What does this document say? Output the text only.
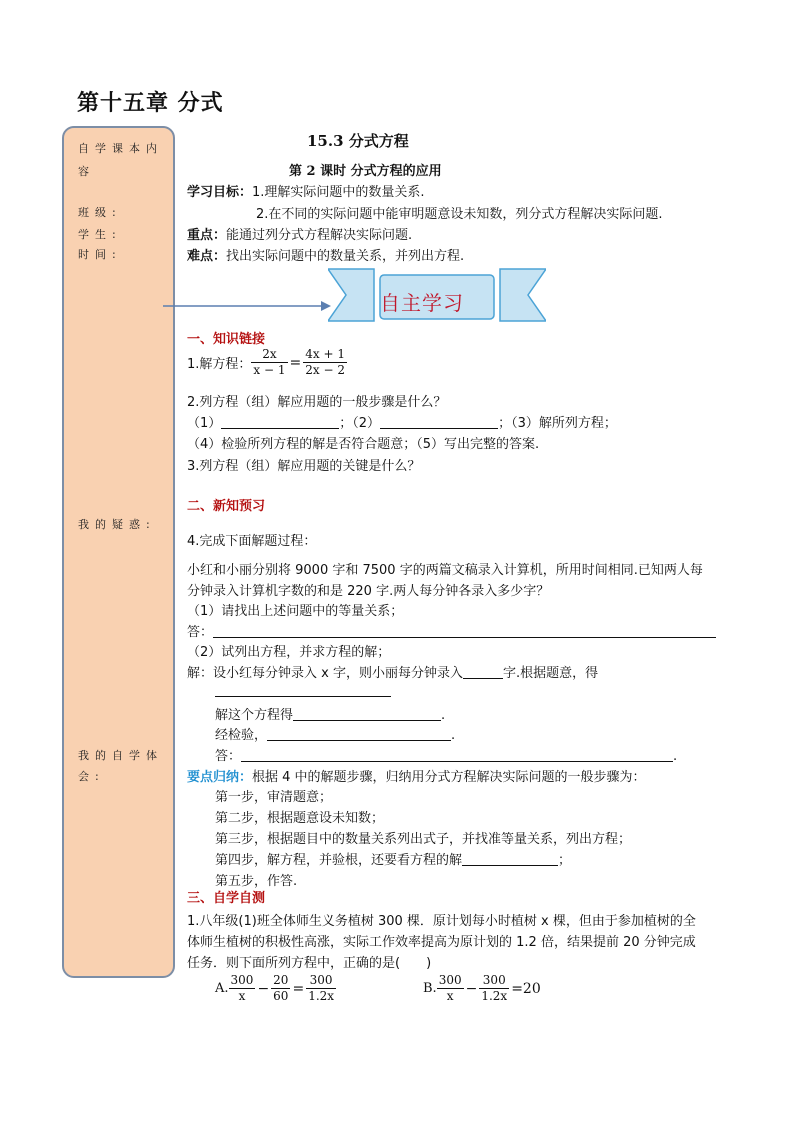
第十五章 分式
自学课本内
容
班级:
学生:
时间:
我的疑惑:
我的自学体
会:
15.3 分式方程
第 2 课时 分式方程的应用
学习目标：1.理解实际问题中的数量关系.
2.在不同的实际问题中能审明题意设未知数，列分式方程解决实际问题.
重点：能通过列分式方程解决实际问题.
难点：找出实际问题中的数量关系，并列出方程.
自主学习
一、知识链接
1.解方程： $\frac{2x}{x - 1} = \frac{4x + 1}{2x - 2}$
2.列方程（组）解应用题的一般步骤是什么？
（1）	；（2）	；（3）解所列方程；
（4）检验所列方程的解是否符合题意；（5）写出完整的答案.
3.列方程（组）解应用题的关键是什么？
二、新知预习
4.完成下面解题过程：
小红和小丽分别将 9000 字和 7500 字的两篇文稿录入计算机，所用时间相同.已知两人每
分钟录入计算机字数的和是 220 字.两人每分钟各录入多少字？
（1）请找出上述问题中的等量关系；
答：
（2）试列出方程，并求方程的解；
解：设小红每分钟录入 x 字，则小丽每分钟录入	字.根据题意，得
解这个方程得	.
经检验，	.
答：	.
要点归纳：根据 4 中的解题步骤，归纳用分式方程解决实际问题的一般步骤为：
第一步，审清题意；
第二步，根据题意设未知数；
第三步，根据题目中的数量关系列出式子，并找准等量关系，列出方程；
第四步，解方程，并验根，还要看方程的解	；
第五步，作答.
三、自学自测
1.八年级(1)班全体师生义务植树 300 棵．原计划每小时植树 x 棵，但由于参加植树的全
体师生植树的积极性高涨，实际工作效率提高为原计划的 1.2 倍，结果提前 20 分钟完成
任务．则下面所列方程中，正确的是(　　)
A. $\frac{300}{x} - \frac{20}{60} = \frac{300}{1.2x}$	B. $\frac{300}{x} - \frac{300}{1.2x} =20$
